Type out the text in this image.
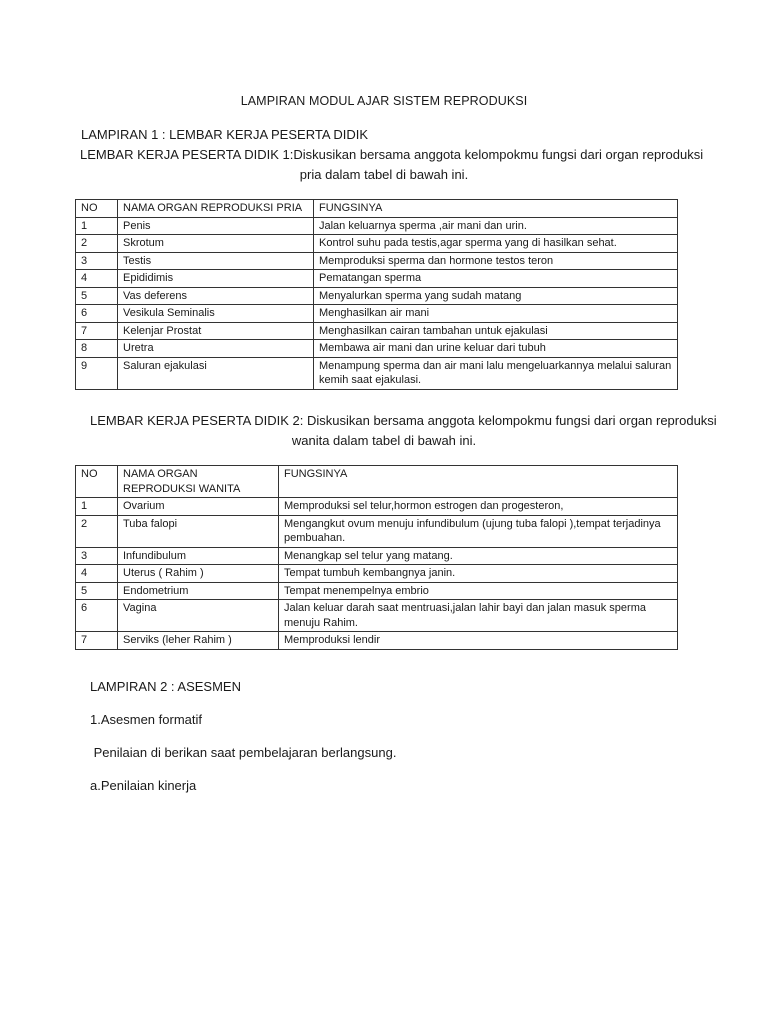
LAMPIRAN MODUL AJAR SISTEM REPRODUKSI
LAMPIRAN 1 : LEMBAR KERJA PESERTA DIDIK
LEMBAR KERJA PESERTA DIDIK 1:Diskusikan bersama anggota kelompokmu fungsi dari organ reproduksi
pria dalam tabel di bawah ini.
NO	NAMA ORGAN REPRODUKSI PRIA	FUNGSINYA
1	Penis	Jalan keluarnya sperma ,air mani dan urin.
2	Skrotum	Kontrol suhu pada testis,agar sperma yang di hasilkan sehat.
3	Testis	Memproduksi sperma dan hormone testos teron
4	Epididimis	Pematangan sperma
5	Vas deferens	Menyalurkan sperma yang sudah matang
6	Vesikula Seminalis	Menghasilkan air mani
7	Kelenjar Prostat	Menghasilkan cairan tambahan untuk ejakulasi
8	Uretra	Membawa air mani dan urine keluar dari tubuh
9	Saluran ejakulasi	Menampung sperma dan air mani lalu mengeluarkannya melalui saluran kemih saat ejakulasi.
LEMBAR KERJA PESERTA DIDIK 2: Diskusikan bersama anggota kelompokmu fungsi dari organ reproduksi
wanita dalam tabel di bawah ini.
NO	NAMA ORGAN REPRODUKSI WANITA	FUNGSINYA
1	Ovarium	Memproduksi sel telur,hormon estrogen dan progesteron,
2	Tuba falopi	Mengangkut ovum menuju infundibulum (ujung tuba falopi ),tempat terjadinya pembuahan.
3	Infundibulum	Menangkap sel telur yang matang.
4	Uterus ( Rahim )	Tempat tumbuh kembangnya janin.
5	Endometrium	Tempat menempelnya embrio
6	Vagina	Jalan keluar darah saat mentruasi,jalan lahir bayi dan jalan masuk sperma menuju Rahim.
7	Serviks (leher Rahim )	Memproduksi lendir
LAMPIRAN 2 : ASESMEN
1.Asesmen formatif
Penilaian di berikan saat pembelajaran berlangsung.
a.Penilaian kinerja
